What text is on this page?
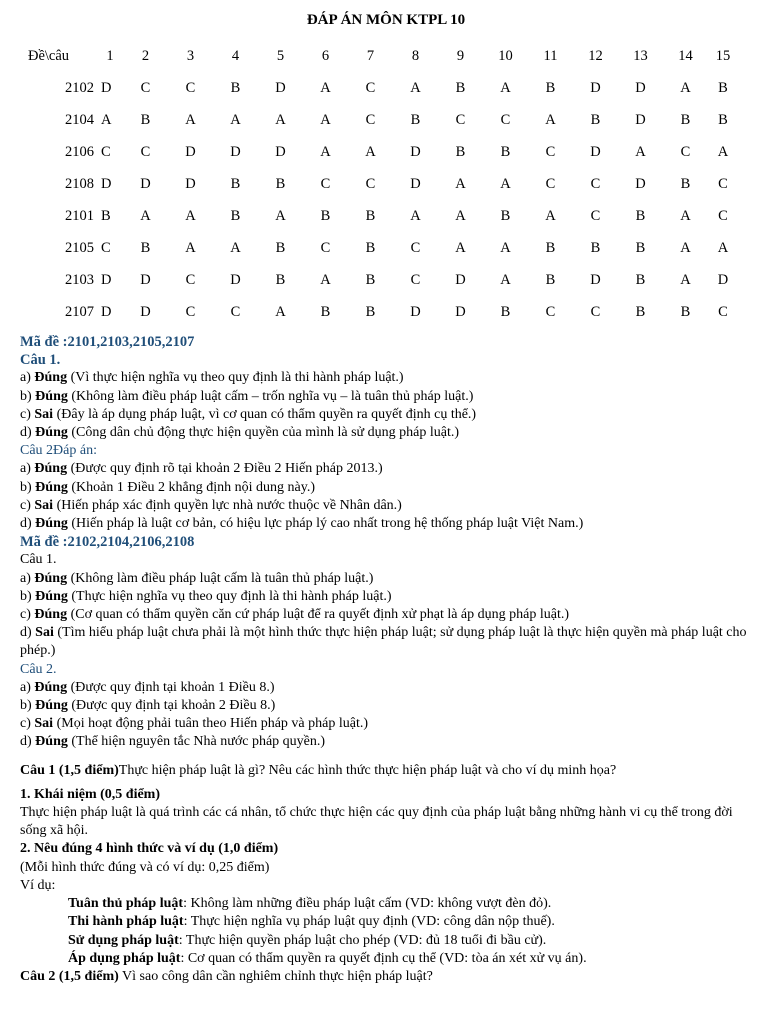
ĐÁP ÁN MÔN KTPL 10
Đề\câu	1	2	3	4	5	6	7	8	9	10	11	12	13	14	15
2102	D	C	C	B	D	A	C	A	B	A	B	D	D	A	B
2104	A	B	A	A	A	A	C	B	C	C	A	B	D	B	B
2106	C	C	D	D	D	A	A	D	B	B	C	D	A	C	A
2108	D	D	D	B	B	C	C	D	A	A	C	C	D	B	C
2101	B	A	A	B	A	B	B	A	A	B	A	C	B	A	C
2105	C	B	A	A	B	C	B	C	A	A	B	B	B	A	A
2103	D	D	C	D	B	A	B	C	D	A	B	D	B	A	D
2107	D	D	C	C	A	B	B	D	D	B	C	C	B	B	C

Mã đề :2101,2103,2105,2107

Câu 1.

a) Đúng (Vì thực hiện nghĩa vụ theo quy định là thi hành pháp luật.)

b) Đúng (Không làm điều pháp luật cấm – trốn nghĩa vụ – là tuân thủ pháp luật.)

c) Sai (Đây là áp dụng pháp luật, vì cơ quan có thẩm quyền ra quyết định cụ thể.)

d) Đúng (Công dân chủ động thực hiện quyền của mình là sử dụng pháp luật.)

Câu 2Đáp án:

a) Đúng (Được quy định rõ tại khoản 2 Điều 2 Hiến pháp 2013.)

b) Đúng (Khoản 1 Điều 2 khẳng định nội dung này.)

c) Sai (Hiến pháp xác định quyền lực nhà nước thuộc về Nhân dân.)

d) Đúng (Hiến pháp là luật cơ bản, có hiệu lực pháp lý cao nhất trong hệ thống pháp luật Việt Nam.)

Mã đề :2102,2104,2106,2108

Câu 1.

a) Đúng (Không làm điều pháp luật cấm là tuân thủ pháp luật.)

b) Đúng (Thực hiện nghĩa vụ theo quy định là thi hành pháp luật.)

c) Đúng (Cơ quan có thẩm quyền căn cứ pháp luật để ra quyết định xử phạt là áp dụng pháp luật.)

d) Sai (Tìm hiểu pháp luật chưa phải là một hình thức thực hiện pháp luật; sử dụng pháp luật là thực hiện quyền mà pháp luật cho phép.)

Câu 2.

a) Đúng (Được quy định tại khoản 1 Điều 8.)

b) Đúng (Được quy định tại khoản 2 Điều 8.)

c) Sai (Mọi hoạt động phải tuân theo Hiến pháp và pháp luật.)

d) Đúng (Thể hiện nguyên tắc Nhà nước pháp quyền.)

Câu 1 (1,5 điểm)Thực hiện pháp luật là gì? Nêu các hình thức thực hiện pháp luật và cho ví dụ minh họa?

1. Khái niệm (0,5 điểm)

Thực hiện pháp luật là quá trình các cá nhân, tổ chức thực hiện các quy định của pháp luật bằng những hành vi cụ thể trong đời sống xã hội.

2. Nêu đúng 4 hình thức và ví dụ (1,0 điểm)

(Mỗi hình thức đúng và có ví dụ: 0,25 điểm)

Ví dụ:

Tuân thủ pháp luật: Không làm những điều pháp luật cấm (VD: không vượt đèn đỏ).

Thi hành pháp luật: Thực hiện nghĩa vụ pháp luật quy định (VD: công dân nộp thuế).

Sử dụng pháp luật: Thực hiện quyền pháp luật cho phép (VD: đủ 18 tuổi đi bầu cử).

Áp dụng pháp luật: Cơ quan có thẩm quyền ra quyết định cụ thể (VD: tòa án xét xử vụ án).

Câu 2 (1,5 điểm) Vì sao công dân cần nghiêm chỉnh thực hiện pháp luật?
